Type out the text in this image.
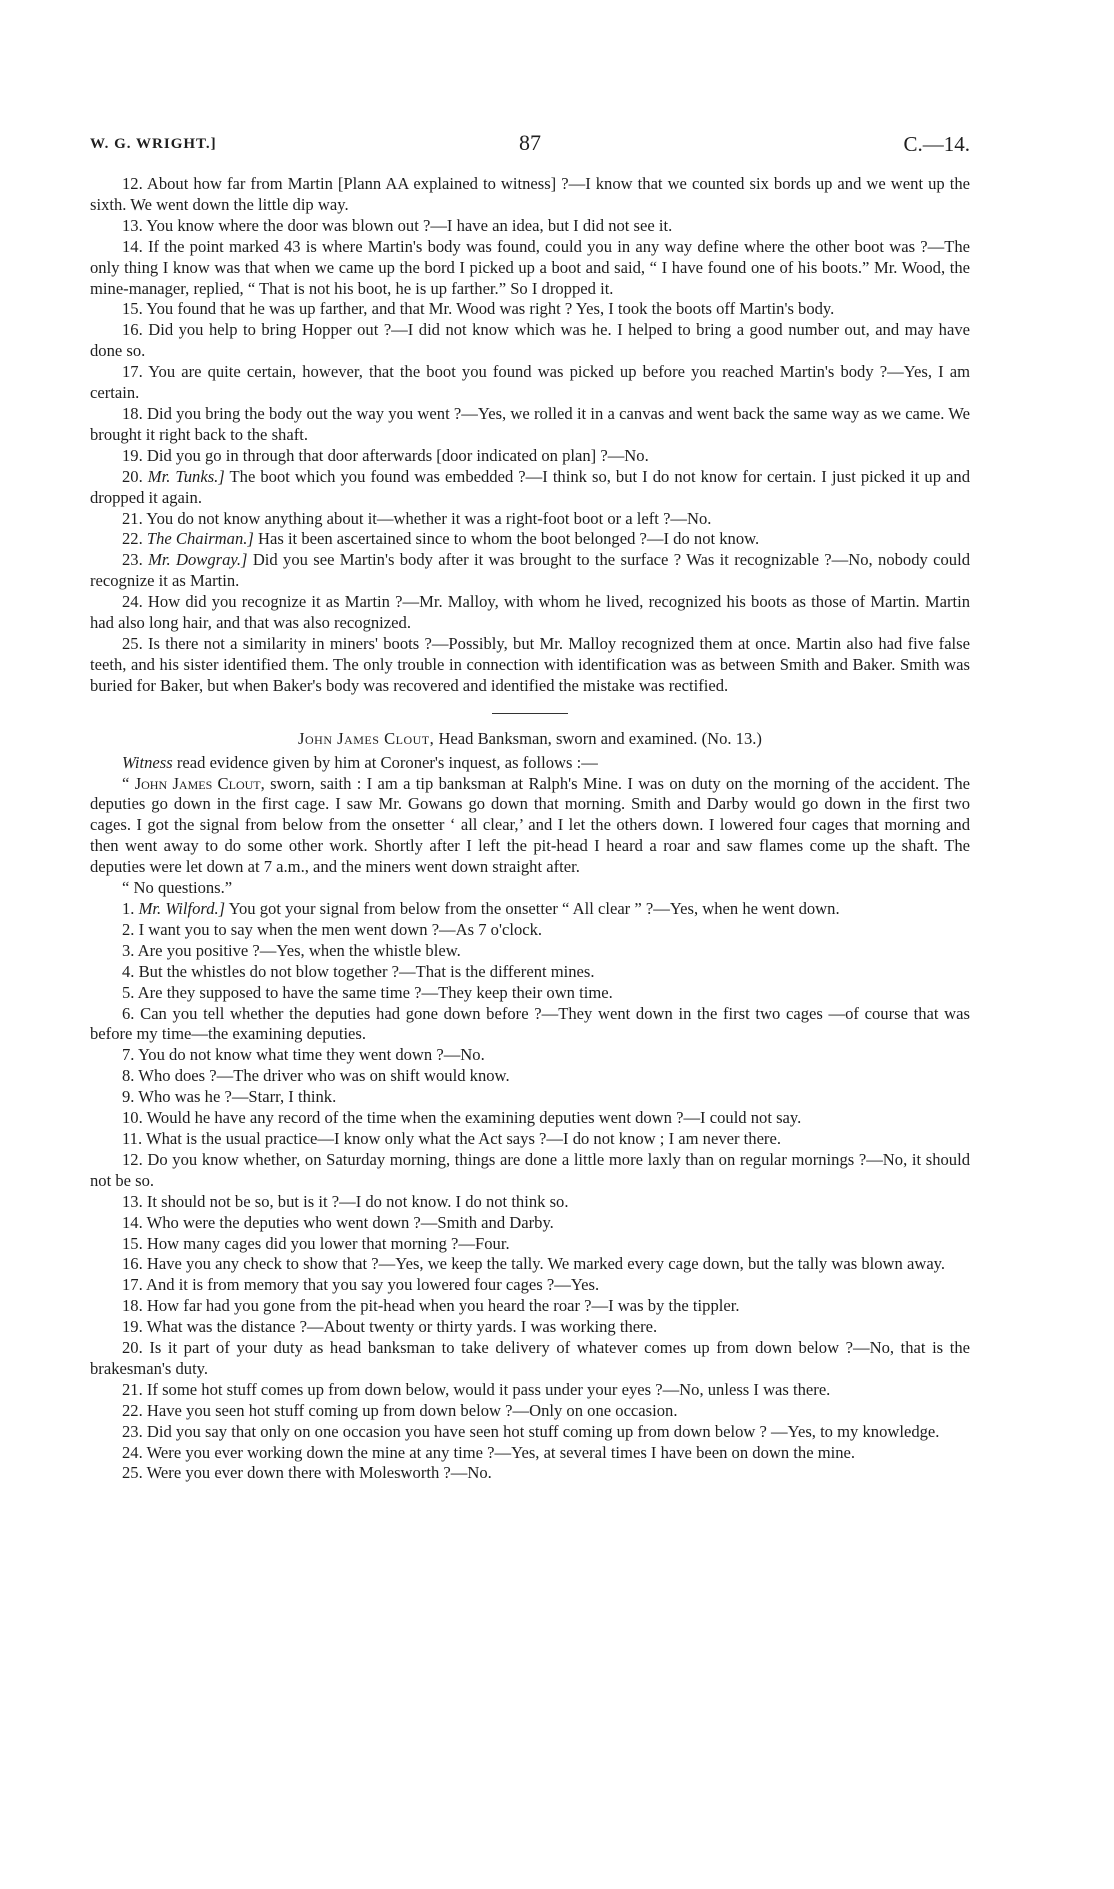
W. G. WRIGHT.]	87	C.—14.

12. About how far from Martin [Plann AA explained to witness] ?—I know that we counted six bords up and we went up the sixth. We went down the little dip way.

13. You know where the door was blown out ?—I have an idea, but I did not see it.

14. If the point marked 43 is where Martin's body was found, could you in any way define where the other boot was ?—The only thing I know was that when we came up the bord I picked up a boot and said, “ I have found one of his boots.” Mr. Wood, the mine-manager, replied, “ That is not his boot, he is up farther.” So I dropped it.

15. You found that he was up farther, and that Mr. Wood was right ? Yes, I took the boots off Martin's body.

16. Did you help to bring Hopper out ?—I did not know which was he. I helped to bring a good number out, and may have done so.

17. You are quite certain, however, that the boot you found was picked up before you reached Martin's body ?—Yes, I am certain.

18. Did you bring the body out the way you went ?—Yes, we rolled it in a canvas and went back the same way as we came. We brought it right back to the shaft.

19. Did you go in through that door afterwards [door indicated on plan] ?—No.

20. Mr. Tunks.] The boot which you found was embedded ?—I think so, but I do not know for certain. I just picked it up and dropped it again.

21. You do not know anything about it—whether it was a right-foot boot or a left ?—No.

22. The Chairman.] Has it been ascertained since to whom the boot belonged ?—I do not know.

23. Mr. Dowgray.] Did you see Martin's body after it was brought to the surface ? Was it recognizable ?—No, nobody could recognize it as Martin.

24. How did you recognize it as Martin ?—Mr. Malloy, with whom he lived, recognized his boots as those of Martin. Martin had also long hair, and that was also recognized.

25. Is there not a similarity in miners' boots ?—Possibly, but Mr. Malloy recognized them at once. Martin also had five false teeth, and his sister identified them. The only trouble in connection with identification was as between Smith and Baker. Smith was buried for Baker, but when Baker's body was recovered and identified the mistake was rectified.

John James Clout, Head Banksman, sworn and examined. (No. 13.)

Witness read evidence given by him at Coroner's inquest, as follows :—

“ John James Clout, sworn, saith : I am a tip banksman at Ralph's Mine. I was on duty on the morning of the accident. The deputies go down in the first cage. I saw Mr. Gowans go down that morning. Smith and Darby would go down in the first two cages. I got the signal from below from the onsetter ‘ all clear,’ and I let the others down. I lowered four cages that morning and then went away to do some other work. Shortly after I left the pit-head I heard a roar and saw flames come up the shaft. The deputies were let down at 7 a.m., and the miners went down straight after.

“ No questions.”

1. Mr. Wilford.] You got your signal from below from the onsetter “ All clear ” ?—Yes, when he went down.

2. I want you to say when the men went down ?—As 7 o'clock.

3. Are you positive ?—Yes, when the whistle blew.

4. But the whistles do not blow together ?—That is the different mines.

5. Are they supposed to have the same time ?—They keep their own time.

6. Can you tell whether the deputies had gone down before ?—They went down in the first two cages —of course that was before my time—the examining deputies.

7. You do not know what time they went down ?—No.

8. Who does ?—The driver who was on shift would know.

9. Who was he ?—Starr, I think.

10. Would he have any record of the time when the examining deputies went down ?—I could not say.

11. What is the usual practice—I know only what the Act says ?—I do not know ; I am never there.

12. Do you know whether, on Saturday morning, things are done a little more laxly than on regular mornings ?—No, it should not be so.

13. It should not be so, but is it ?—I do not know. I do not think so.

14. Who were the deputies who went down ?—Smith and Darby.

15. How many cages did you lower that morning ?—Four.

16. Have you any check to show that ?—Yes, we keep the tally. We marked every cage down, but the tally was blown away.

17. And it is from memory that you say you lowered four cages ?—Yes.

18. How far had you gone from the pit-head when you heard the roar ?—I was by the tippler.

19. What was the distance ?—About twenty or thirty yards. I was working there.

20. Is it part of your duty as head banksman to take delivery of whatever comes up from down below ?—No, that is the brakesman's duty.

21. If some hot stuff comes up from down below, would it pass under your eyes ?—No, unless I was there.

22. Have you seen hot stuff coming up from down below ?—Only on one occasion.

23. Did you say that only on one occasion you have seen hot stuff coming up from down below ? —Yes, to my knowledge.

24. Were you ever working down the mine at any time ?—Yes, at several times I have been on down the mine.

25. Were you ever down there with Molesworth ?—No.
